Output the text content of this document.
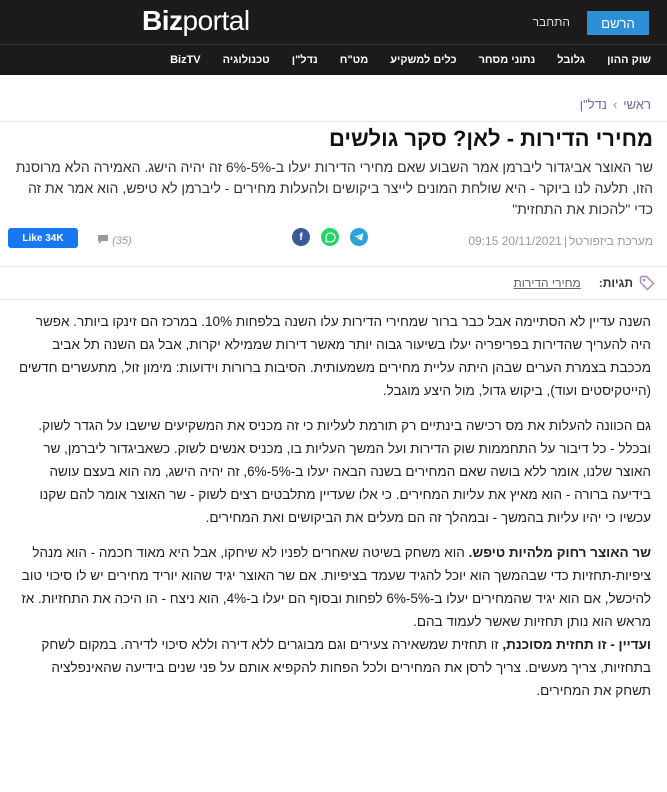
Bizportal	התחבר	הרשם
שוק ההון
גלובל
נתוני מסחר
כלים למשקיע
מט"ח
נדל"ן
טכנולוגיה
BizTV
ראשי›נדל"ן
מחירי הדירות - לאן? סקר גולשים
שר האוצר אביגדור ליברמן אמר השבוע שאם מחירי הדירות יעלו ב-5%-6% זה יהיה הישג. האמירה הלא מרוסנת הזו, תלעה לנו ביוקר - היא שולחת המונים לייצר ביקושים ולהעלות מחירים - ליברמן לא טיפש, הוא אמר את זה כדי "להכות את התחזית"
מערכת ביזפורטל|20/11/2021 09:15
f
(35)
Like 34K
תגיות:
מחירי הדירות

השנה עדיין לא הסתיימה אבל כבר ברור שמחירי הדירות עלו השנה בלפחות 10%. במרכז הם זינקו ביותר. אפשר היה להעריך שהדירות בפריפריה יעלו בשיעור גבוה יותר מאשר דירות שממילא יקרות, אבל גם השנה תל אביב מככבת בצמרת הערים שבהן היתה עליית מחירים משמעותית. הסיבות ברורות וידועות: מימון זול, מתעשרים חדשים (הייטקיסטים ועוד), ביקוש גדול, מול היצע מוגבל.

גם הכוונה להעלות את מס רכישה בינתיים רק תורמת לעליות כי זה מכניס את המשקיעים שישבו על הגדר לשוק. ובכלל - כל דיבור על התחממות שוק הדירות ועל המשך העליות בו, מכניס אנשים לשוק. כשאביגדור ליברמן, שר האוצר שלנו, אומר ללא בושה שאם המחירים בשנה הבאה יעלו ב-5%-6%, זה יהיה הישג, מה הוא בעצם עושה בידיעה ברורה - הוא מאיץ את עליות המחירים. כי אלו שעדיין מתלבטים רצים לשוק - שר האוצר אומר להם שקנו עכשיו כי יהיו עליות בהמשך - ובמהלך זה הם מעלים את הביקושים ואת המחירים.

שר האוצר רחוק מלהיות טיפש. הוא משחק בשיטה שאחרים לפניו לא שיחקו, אבל היא מאוד חכמה - הוא מנהל ציפיות-תחזיות כדי שבהמשך הוא יוכל להגיד שעמד בציפיות. אם שר האוצר יגיד שהוא יוריד מחירים יש לו סיכוי טוב להיכשל, אם הוא יגיד שהמחירים יעלו ב-5%-6% לפחות ובסוף הם יעלו ב-4%, הוא ניצח - הו היכה את התחזיות. אז מראש הוא נותן תחזיות שאשר לעמוד בהם.

ועדיין - זו תחזית מסוכנת, זו תחזית שמשאירה צעירים וגם מבוגרים ללא דירה וללא סיכוי לדירה. במקום לשחק בתחזיות, צריך מעשים. צריך לרסן את המחירים ולכל הפחות להקפיא אותם על פני שנים בידיעה שהאינפלציה תשחק את המחירים.
